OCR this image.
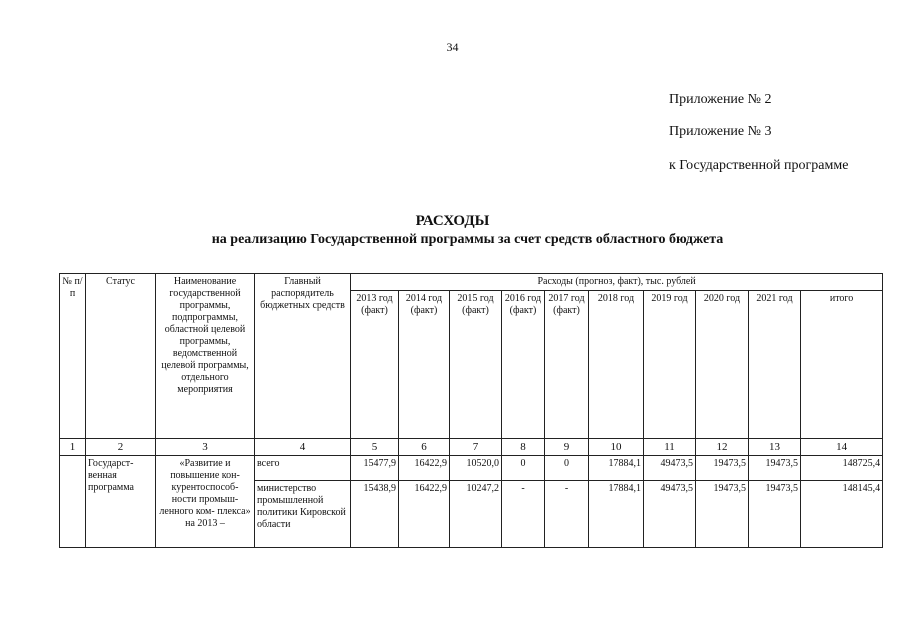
34
Приложение № 2
Приложение № 3
к Государственной программе
РАСХОДЫ
на реализацию Государственной программы за счет средств областного бюджета
№ п/п	Статус	Наименование государственной программы, подпрограммы, областной целевой программы, ведомственной целевой программы, отдельного мероприятия	Главный распорядитель бюджетных средств	Расходы (прогноз, факт), тыс. рублей									
				2013 год (факт)	2014 год (факт)	2015 год (факт)	2016 год (факт)	2017 год (факт)	2018 год	2019 год	2020 год	2021 год	итого
1	2	3	4	5	6	7	8	9	10	11	12	13	14
	Государст- венная программа	«Развитие и повышение кон- курентоспособ- ности промыш- ленного ком- плекса» на 2013 –	всего	15477,9	16422,9	10520,0	0	0	17884,1	49473,5	19473,5	19473,5	148725,4
			министерство промышленной политики Кировской области	15438,9	16422,9	10247,2	-	-	17884,1	49473,5	19473,5	19473,5	148145,4
